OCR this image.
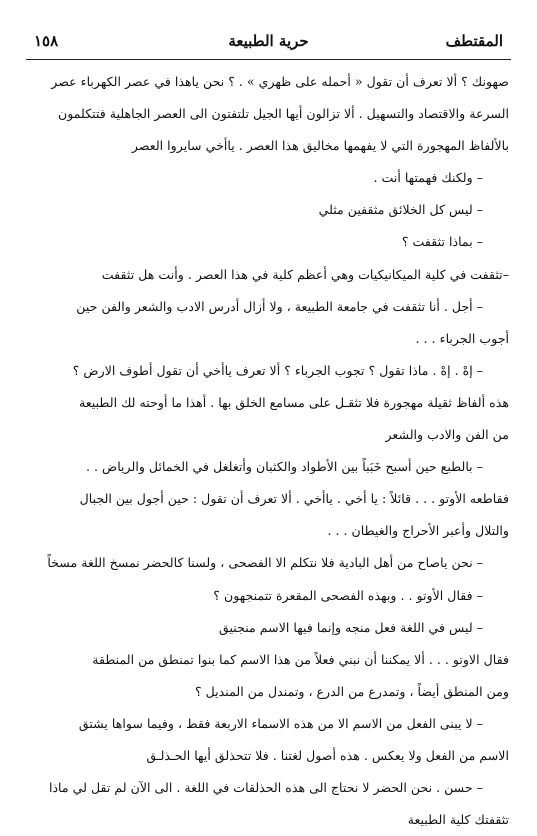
١٥٨	حرية الطبيعة	المقتطف
صهونك ؟ ألا تعرف أن تقول « أحمله على ظهري » . ؟ نحن ياهذا في عصر الكهرباء عصر
السرعة والاقتصاد والتسهيل . ألا تزالون أيها الجيل تلتفتون الى العصر الجاهلية فتتكلمون
بالألفاظ المهجورة التي لا يفهمها مخاليق هذا العصر . ياأخي سايروا العصر
– ولكنك فهمتها أنت .
– ليس كل الخلائق مثقفين مثلي
– بماذا تثقفت ؟
–تثقفت في كلية الميكانيكيات وهي أعظم كلية في هذا العصر . وأنت هل تثقفت
– أجل . أنا تثقفت في جامعة الطبيعة ، ولا أزال أدرس الادب والشعر والفن حين
أجوب الجرباء . . .
– إهْ . إهْ . ماذا تقول ؟ تجوب الجرباء ؟ ألا تعرف ياأخي أن تقول أطوف الارض ؟
هذه ألفاظ ثقيلة مهجورة فلا تثقـل على مسامع الخلق بها . أهذا ما أوحته لك الطبيعة
من الفن والادب والشعر
– بالطبع حين أسبح خَبَباً بين الأطواد والكثبان وأتغلغل في الخمائل والرياض . .
فقاطعه الأوتو . . . قائلاً : يا أخي . ياأخي . ألا تعرف أن تقول : حين أجول بين الجبال
والتلال وأعبر الأحراج والغيطان . . .
– نحن ياصاح من أهل البادية فلا نتكلم الا الفصحى ، ولسنا كالحضر نمسخ اللغة مسخاً
– فقال الأوتو . . وبهذه الفصحى المقعرة تتمنجهون ؟
– ليس في اللغة فعل منجه وإنما فيها الاسم منجنيق
فقال الاوتو . . . ألا يمكننا أن نبني فعلاً من هذا الاسم كما بنوا تمنطق من المنطقة
ومن المنطق أيضاً ، وتمدرع من الدرع ، وتمندل من المنديل ؟
– لا يبنى الفعل من الاسم الا من هذه الاسماء الاربعة فقط ، وفيما سواها يشتق
الاسم من الفعل ولا يعكس . هذه أصول لغتنا . فلا تتحذلق أيها الحـذلـق
– حسن . نحن الحضر لا نحتاج الى هذه الحذلقات في اللغة . الى الآن لم تقل لي ماذا
تثقفتك كلية الطبيعة
